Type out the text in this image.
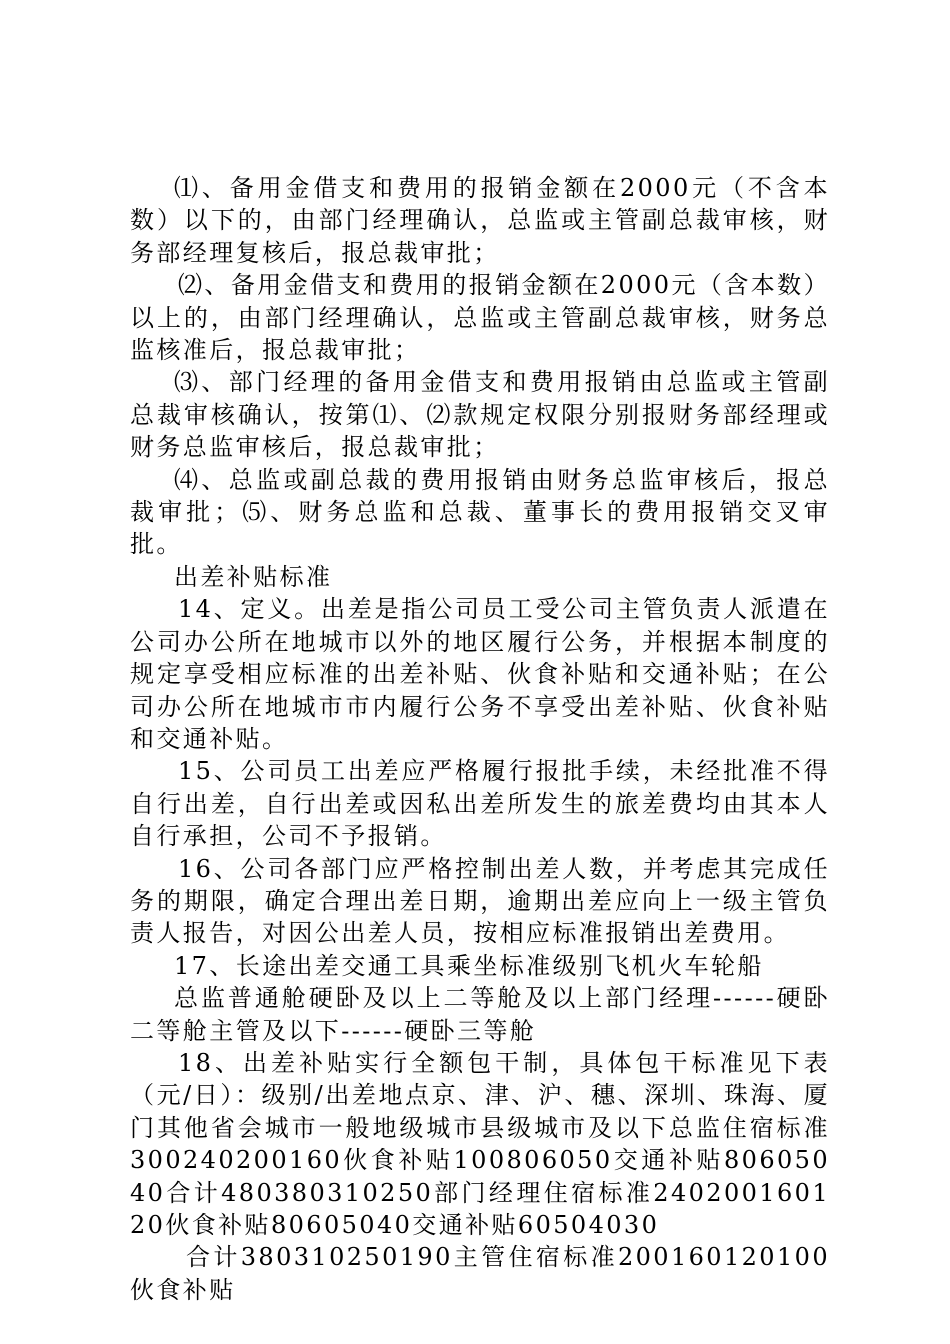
⑴、备用金借支和费用的报销金额在2000元（不含本数）以下的，由部门经理确认，总监或主管副总裁审核，财务部经理复核后，报总裁审批；

⑵、备用金借支和费用的报销金额在2000元（含本数）以上的，由部门经理确认，总监或主管副总裁审核，财务总监核准后，报总裁审批；

⑶、部门经理的备用金借支和费用报销由总监或主管副总裁审核确认，按第⑴、⑵款规定权限分别报财务部经理或财务总监审核后，报总裁审批；

⑷、总监或副总裁的费用报销由财务总监审核后，报总裁审批；⑸、财务总监和总裁、董事长的费用报销交叉审批。

出差补贴标准

14、定义。出差是指公司员工受公司主管负责人派遣在公司办公所在地城市以外的地区履行公务，并根据本制度的规定享受相应标准的出差补贴、伙食补贴和交通补贴；在公司办公所在地城市市内履行公务不享受出差补贴、伙食补贴和交通补贴。

15、公司员工出差应严格履行报批手续，未经批准不得自行出差，自行出差或因私出差所发生的旅差费均由其本人自行承担，公司不予报销。

16、公司各部门应严格控制出差人数，并考虑其完成任务的期限，确定合理出差日期，逾期出差应向上一级主管负责人报告，对因公出差人员，按相应标准报销出差费用。

17、长途出差交通工具乘坐标准级别飞机火车轮船

总监普通舱硬卧及以上二等舱及以上部门经理------硬卧二等舱主管及以下------硬卧三等舱

18、出差补贴实行全额包干制，具体包干标准见下表（元/日）：级别/出差地点京、津、沪、穗、深圳、珠海、厦门其他省会城市一般地级城市县级城市及以下总监住宿标准300240200160伙食补贴100806050交通补贴80605040合计480380310250部门经理住宿标准240200160120伙食补贴80605040交通补贴60504030

合计380310250190主管住宿标准200160120100伙食补贴
